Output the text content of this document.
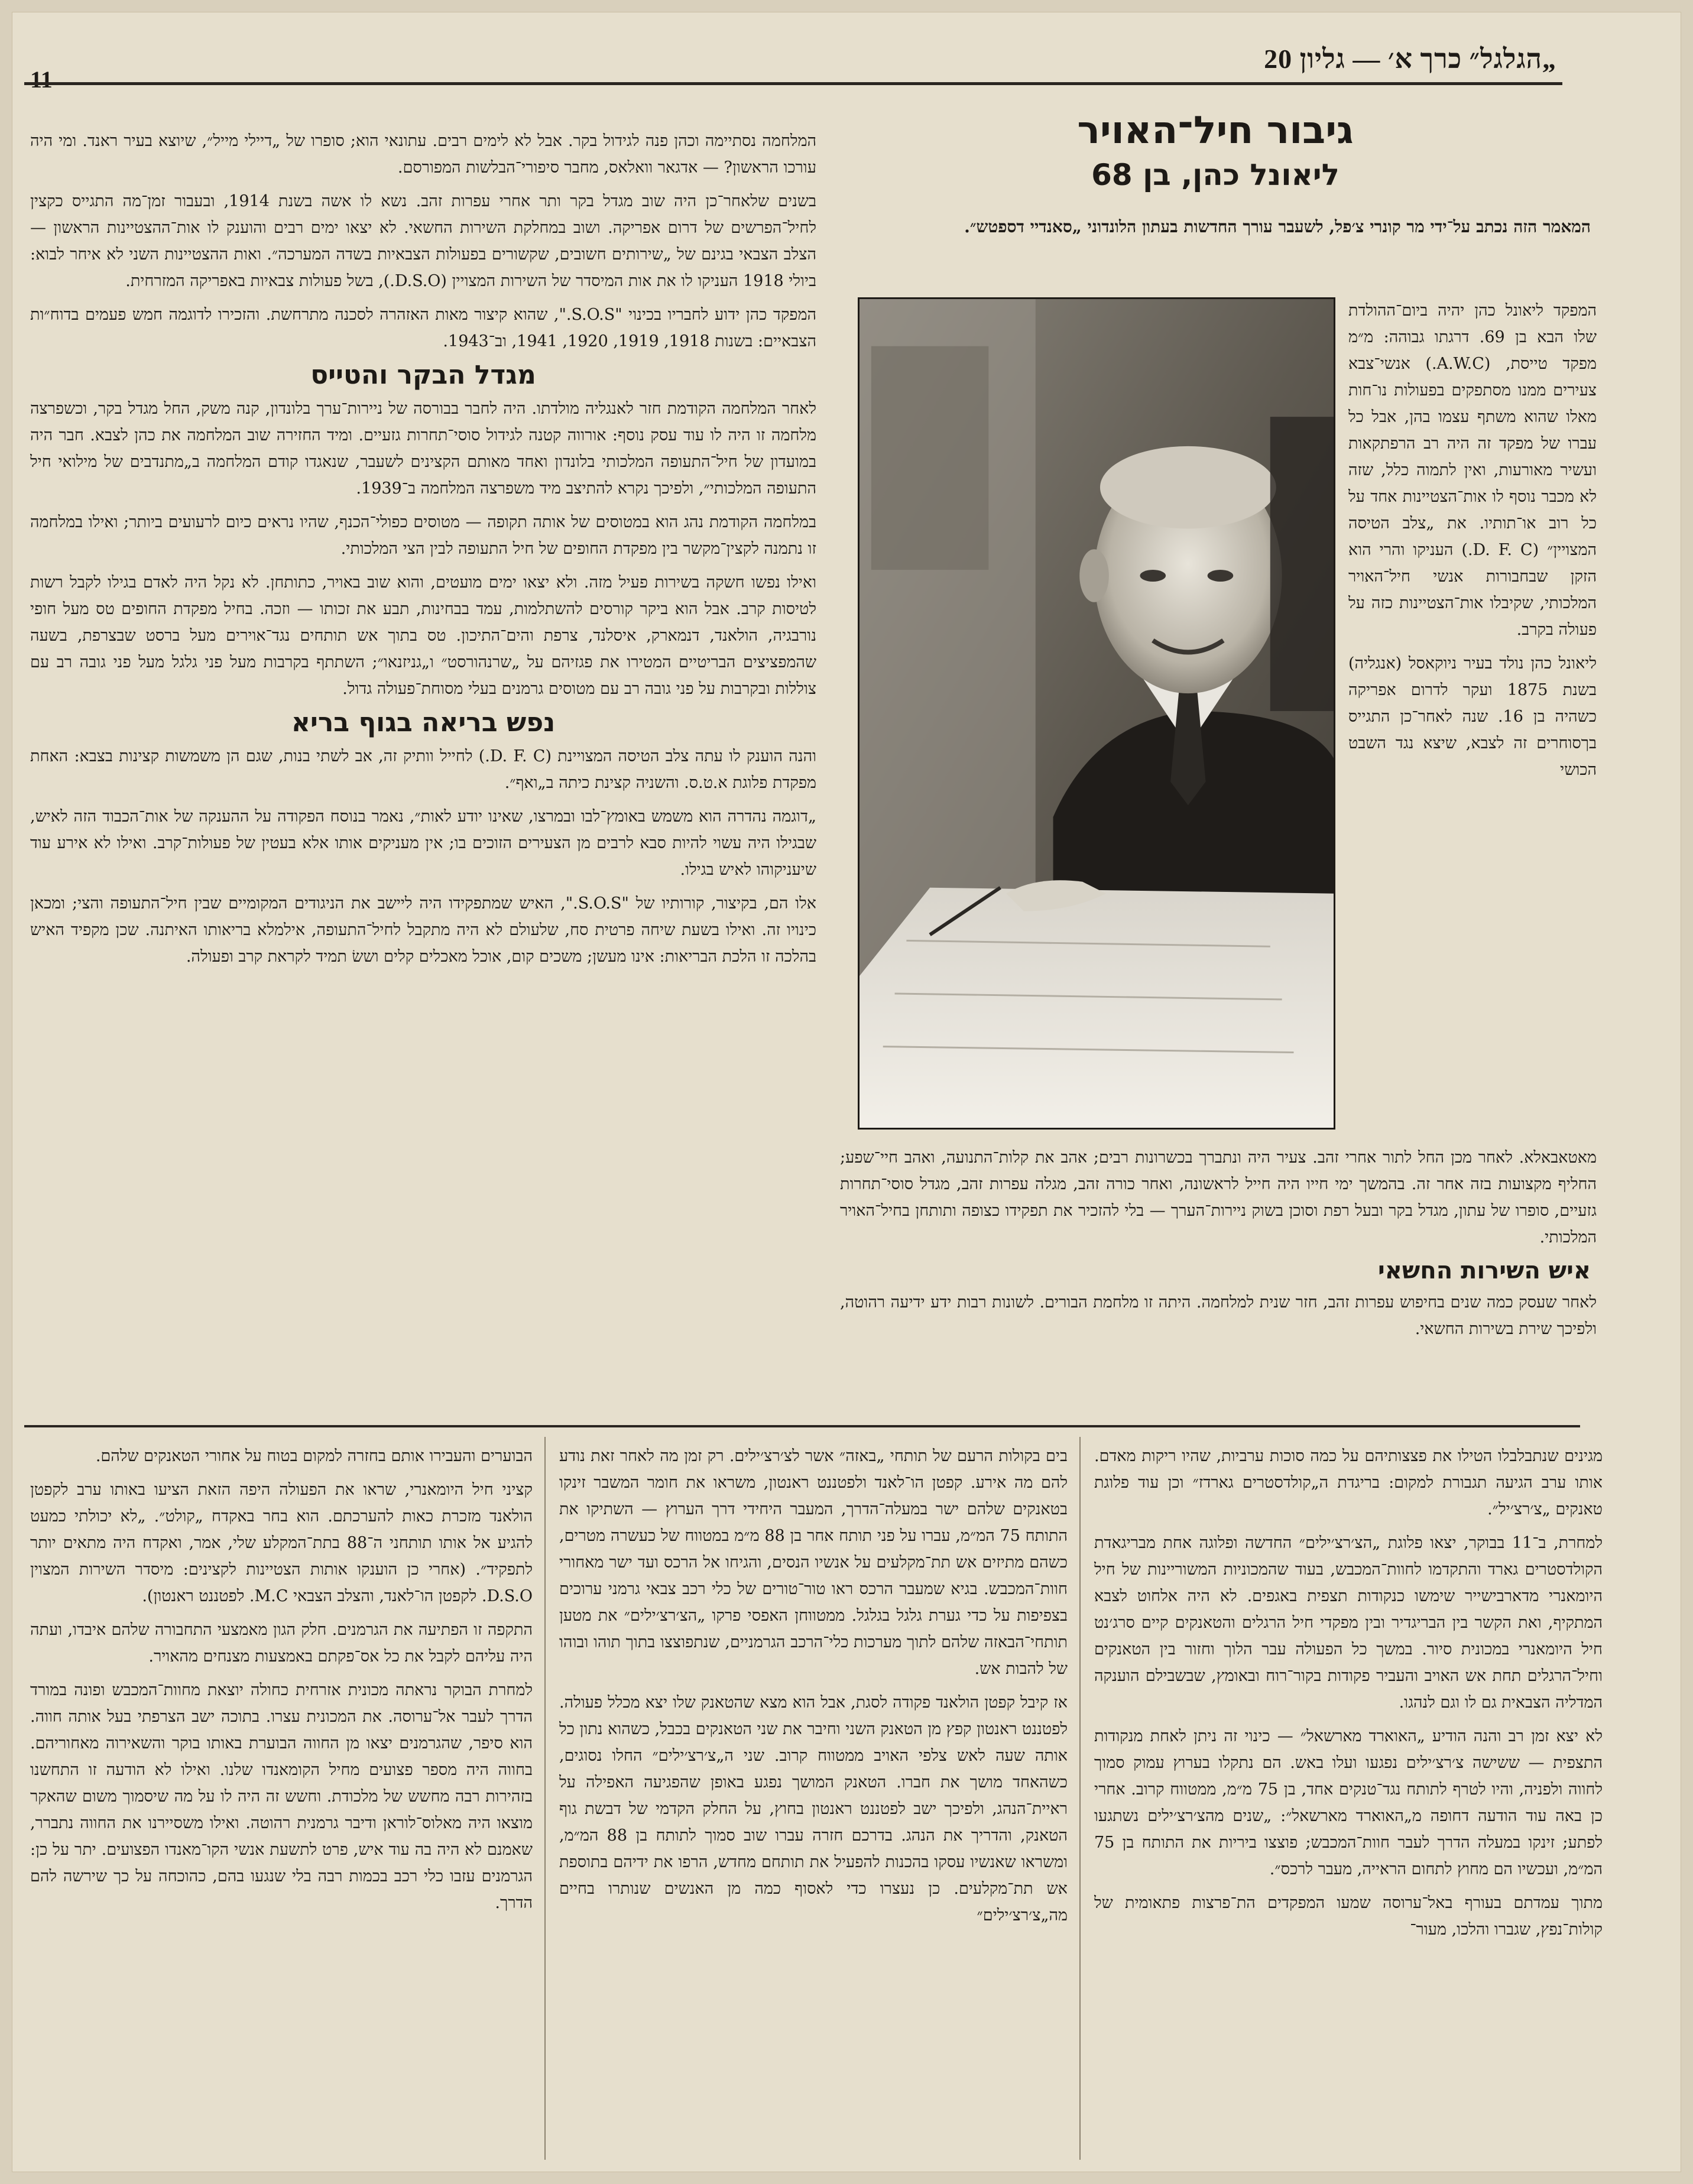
„הגלגל״ כרך א׳ — גליון 20
11
גיבור חיל־האויר
ליאונל כהן, בן 68
המאמר הזה נכתב על־ידי מר קונרי צ׳פל, לשעבר עורך החדשות בעתון הלונדוני „סאנדיי דספטש״.

המפקד ליאונל כהן יהיה ביום־ההולדת שלו הבא בן 69. דרגתו גבוהה: מ״מ מפקד טייסת, (A.W.C.) אנשי־צבא צעירים ממנו מסתפקים בפעולות נו־חות מאלו שהוא משתף עצמו בהן, אבל כל עברו של מפקד זה היה רב הרפתקאות ועשיר מאורעות, ואין לתמוה כלל, שזה לא מכבר נוסף לו אות־הצטיינות אחד על כל רוב או־תותיו. את „צלב הטיסה המצויין״ (D. F. C.) העניקו והרי הוא הזקן שבחבורות אנשי חיל־האויר המלכותי, שקיבלו אות־הצטיינות כזה על פעולה בקרב.

ליאונל כהן נולד בעיר ניוקאסל (אנגליה) בשנת 1875 ועקר לדרום אפריקה כשהיה בן 16. שנה לאחר־כן התגייס בךסוחרים זה לצבא, שיצא נגד השבט הכושי

מאטאבאלא. לאחר מכן החל לתור אחרי זהב. צעיר היה ונתברך בכשרונות רבים; אהב את קלות־התנועה, ואהב חיי־שפע; החליף מקצועות בזה אחר זה. בהמשך ימי חייו היה חייל לראשונה, ואחר כורה זהב, מגלה עפרות זהב, מגדל סוסי־תחרות גזעיים, סופרו של עתון, מגדל בקר ובעל רפת וסוכן בשוק ניירות־הערך — בלי להזכיר את תפקידו כצופה ותותחן בחיל־האויר המלכותי.

איש השירות החשאי

לאחר שעסק כמה שנים בחיפוש עפרות זהב, חזר שנית למלחמה. היתה זו מלחמת הבורים. לשונות רבות ידע ידיעה רהוטה, ולפיכך שירת בשירות החשאי.

המלחמה נסתיימה וכהן פנה לגידול בקר. אבל לא לימים רבים. עתונאי הוא; סופרו של „דיילי מייל״, שיוצא בעיר ראנד. ומי היה עורכו הראשון? — אדגאר וואלאס, מחבר סיפורי־הבלשות המפורסם.

בשנים שלאחר־כן היה שוב מגדל בקר ותר אחרי עפרות זהב. נשא לו אשה בשנת 1914, ובעבור זמן־מה התגייס כקצין לחיל־הפרשים של דרום אפריקה. ושוב במחלקת השירות החשאי. לא יצאו ימים רבים והוענק לו אות־ההצטיינות הראשון — הצלב הצבאי בגינם של „שירותים חשובים, שקשורים בפעולות הצבאיות בשדה המערכה״. ואות ההצטיינות השני לא איחר לבוא: ביולי 1918 העניקו לו את אות המיסדר של השירות המצויין (D.S.O.), בשל פעולות צבאיות באפריקה המזרחית.

המפקד כהן ידוע לחבריו בכינוי "S.O.S.", שהוא קיצור מאות האזהרה לסכנה מתרחשת. והזכירו לדוגמה חמש פעמים בדוח״ות הצבאיים: בשנות 1918, 1919, 1920, 1941, וב־1943.

מגדל הבקר והטייס

לאחר המלחמה הקודמת חזר לאנגליה מולדתו. היה לחבר בבורסה של ניירות־ערך בלונדון, קנה משק, החל מגדל בקר, וכשפרצה מלחמה זו היה לו עוד עסק נוסף: אורווה קטנה לגידול סוסי־תחרות גזעיים. ומיד החזירה שוב המלחמה את כהן לצבא. חבר היה במועדון של חיל־התעופה המלכותי בלונדון ואחד מאותם הקצינים לשעבר, שנאגדו קודם המלחמה ב„מתנדבים של מילואי חיל התעופה המלכותי״, ולפיכך נקרא להתיצב מיד משפרצה המלחמה ב־1939.

במלחמה הקודמת נהג הוא במטוסים של אותה תקופה — מטוסים כפולי־הכנף, שהיו נראים כיום לרעועים ביותר; ואילו במלחמה זו נתמנה לקצין־מקשר בין מפקדת החופים של חיל התעופה לבין הצי המלכותי.

ואילו נפשו חשקה בשירות פעיל מזה. ולא יצאו ימים מועטים, והוא שוב באויר, כתותחן. לא נקל היה לאדם בגילו לקבל רשות לטיסות קרב. אבל הוא ביקר קורסים להשתלמות, עמד בבחינות, תבע את זכותו — וזכה. בחיל מפקדת החופים טס מעל חופי נורבגיה, הולאנד, דנמארק, איסלנד, צרפת והים־התיכון. טס בתוך אש תותחים נגד־אוירים מעל ברסט שבצרפת, בשעה שהמפציצים הבריטיים המטירו את פגזיהם על „שרנהורסט״ ו„גניזנאו״; השתתף בקרבות מעל פני גלגל מעל פני גובה רב עם צוללות ובקרבות על פני גובה רב עם מטוסים גרמנים בעלי מסוחת־פעולה גדול.

נפש בריאה בגוף בריא

והנה הוענק לו עתה צלב הטיסה המצויינת (D. F. C.) לחייל וותיק זה, אב לשתי בנות, שגם הן משמשות קצינות בצבא: האחת מפקדת פלוגת א.ט.ס. והשניה קצינת כיתה ב„ואף״.

„דוגמה נהדרה הוא משמש באומץ־לבו ובמרצו, שאינו יודע לאות״, נאמר בנוסח הפקודה על ההענקה של אות־הכבוד הזה לאיש, שבגילו היה עשוי להיות סבא לרבים מן הצעירים הזוכים בו; אין מעניקים אותו אלא בעטין של פעולות־קרב. ואילו לא אירע עוד שיעניקוהו לאיש בגילו.

אלו הם, בקיצור, קורותיו של "S.O.S.", האיש שמתפקידו היה ליישב את הניגודים המקומיים שבין חיל־התעופה והצי; ומכאן כינויו זה. ואילו בשעת שיחה פרטית סח, שלעולם לא היה מתקבל לחיל־התעופה, אילמלא בריאותו האיתנה. שכן מקפיד האיש בהלכה זו הלכת הבריאות: אינו מעשן; משכים קום, אוכל מאכלים קלים וששׂ תמיד לקראת קרב ופעולה.

מגינים שנתבלבלו הטילו את פצצותיהם על כמה סוכות ערביות, שהיו ריקות מאדם. אותו ערב הגיעה תגבורת למקום: בריגדת ה„קולדסטרים גארדז״ וכן עוד פלוגת טאנקים „צ׳רצ׳יל״.

למחרת, ב־11 בבוקר, יצאו פלוגת „הצ׳רצ׳ילים״ החדשה ופלוגה אחת מבריגאדת הקולדסטרים גארד והתקדמו לחוות־המכבש, בעוד שהמכוניות המשוריינות של חיל היומאנרי מדארבישייר שימשו כנקודות תצפית באגפים. לא היה אלחוט לצבא המתקיף, ואת הקשר בין הבריגדיר ובין מפקדי חיל הרגלים והטאנקים קיים סרג׳נט חיל היומאנרי במכונית סיור. במשך כל הפעולה עבר הלוך וחזור בין הטאנקים וחיל־הרגלים תחת אש האויב והעביר פקודות בקור־רוח ובאומץ, שבשבילם הוענקה המדליה הצבאית גם לו וגם לנהגו.

לא יצא זמן רב והנה הודיע „האוארד מארשאל״ — כינוי זה ניתן לאחת מנקודות התצפית — ששישה צ׳רצ׳ילים נפגעו ועלו באש. הם נתקלו בערוץ עמוק סמוך לחווה ולפניה, והיו לטרף לתותח נגד־טנקים אחד, בן 75 מ״מ, ממטווח קרוב. אחרי כן באה עוד הודעה דחופה מ„האוארד מארשאל״: „שנים מהצ׳רצ׳ילים נשתגעו לפתע; זינקו במעלה הדרך לעבר חוות־המכבש; פוצצו ביריות את התותח בן 75 המ״מ, ועכשיו הם מחוץ לתחום הראייה, מעבר לרכס״.

מתוך עמדתם בעורף באל־ערוסה שמעו המפקדים הת־פרצות פתאומית של קולות־נפץ, שגברו והלכו, מעור־

בים בקולות הרעם של תותחי „באזה״ אשר לצ׳רצ׳ילים. רק זמן מה לאחר זאת נודע להם מה אירע. קפטן הו־לאנד ולפטננט ראנטון, משראו את חומר המשבר זינקו בטאנקים שלהם ישר במעלה־הדרך, המעבר היחידי דרך הערוץ — השתיקו את התותח 75 המ״מ, עברו על פני תותח אחר בן 88 מ״מ במטווח של כעשרה מטרים, כשהם מתיזים אש תת־מקלעים על אנשיו הנסים, והגיחו אל הרכס ועד ישר מאחורי חוות־המכבש. בגיא שמעבר הרכס ראו טור־טורים של כלי רכב צבאי גרמני ערוכים בצפיפות על כדי גערת גלגל בגלגל. ממטווחן האפסי פרקו „הצ׳רצ׳ילים״ את מטען תותחי־הבאזה שלהם לתוך מערכות כלי־הרכב הגרמניים, שנתפוצצו בתוך תוהו ובוהו של להבות אש.

אז קיבל קפטן הולאנד פקודה לסגת, אבל הוא מצא שהטאנק שלו יצא מכלל פעולה. לפטננט ראנטון קפץ מן הטאנק השני וחיבר את שני הטאנקים בכבל, כשהוא נתון כל אותה שעה לאש צלפי האויב ממטווח קרוב. שני ה„צ׳רצ׳ילים״ החלו נסוגים, כשהאחד מושך את חברו. הטאנק המושך נפגע באופן שהפגיעה האפילה על ראיית־הנהג, ולפיכך ישב לפטננט ראנטון בחוץ, על החלק הקדמי של דבשת גוף הטאנק, והדריך את הנהג. בדרכם חזרה עברו שוב סמוך לתותח בן 88 המ״מ, ומשראו שאנשיו עסקו בהכנות להפעיל את תותחם מחדש, הרפו את ידיהם בתוספת אש תת־מקלעים. כן נעצרו כדי לאסוף כמה מן האנשים שנותרו בחיים מה„צ׳רצ׳ילים״

הבוערים והעבירו אותם בחזרה למקום בטוח על אחורי הטאנקים שלהם.

קציני חיל היומאנרי, שראו את הפעולה היפה הזאת הציעו באותו ערב לקפטן הולאנד מזכרת כאות להערכתם. הוא בחר באקדח „קולט״. „לא יכולתי כמעט להגיע אל אותו תותחני ה־88 בתת־המקלע שלי, אמר, ואקדח היה מתאים יותר לתפקיד״. (אחרי כן הוענקו אותות הצטיינות לקצינים: מיסדר השירות המצוין D.S.O. לקפטן הו־לאנד, והצלב הצבאי M.C. לפטננט ראנטון).

התקפה זו הפתיעה את הגרמנים. חלק הגון מאמצעי התחבורה שלהם איבדו, ועתה היה עליהם לקבל את כל אס־פקתם באמצעות מצנחים מהאויר.

למחרת הבוקר נראתה מכונית אזרחית כחולה יוצאת מחוות־המכבש ופונה במורד הדרך לעבר אל־ערוסה. את המכונית עצרו. בתוכה ישב הצרפתי בעל אותה חווה. הוא סיפר, שהגרמנים יצאו מן החווה הבוערת באותו בוקר והשאירוה מאחוריהם. בחווה היה מספר פצועים מחיל הקומאנדו שלנו. ואילו לא הודעה זו התחשנו בזהירות רבה מחשש של מלכודת. וחשש זה היה לו על מה שיסמוך משום שהאקר מוצאו היה מאלוס־לוראן ודיבר גרמנית רהוטה. ואילו משסיירנו את החווה נתברר, שאמנם לא היה בה עוד איש, פרט לתשעת אנשי הקו־מאנדו הפצועים. יתר על כן: הגרמנים עזבו כלי רכב בכמות רבה בלי שנגעו בהם, כהוכחה על כך שירשה להם הדרך.
